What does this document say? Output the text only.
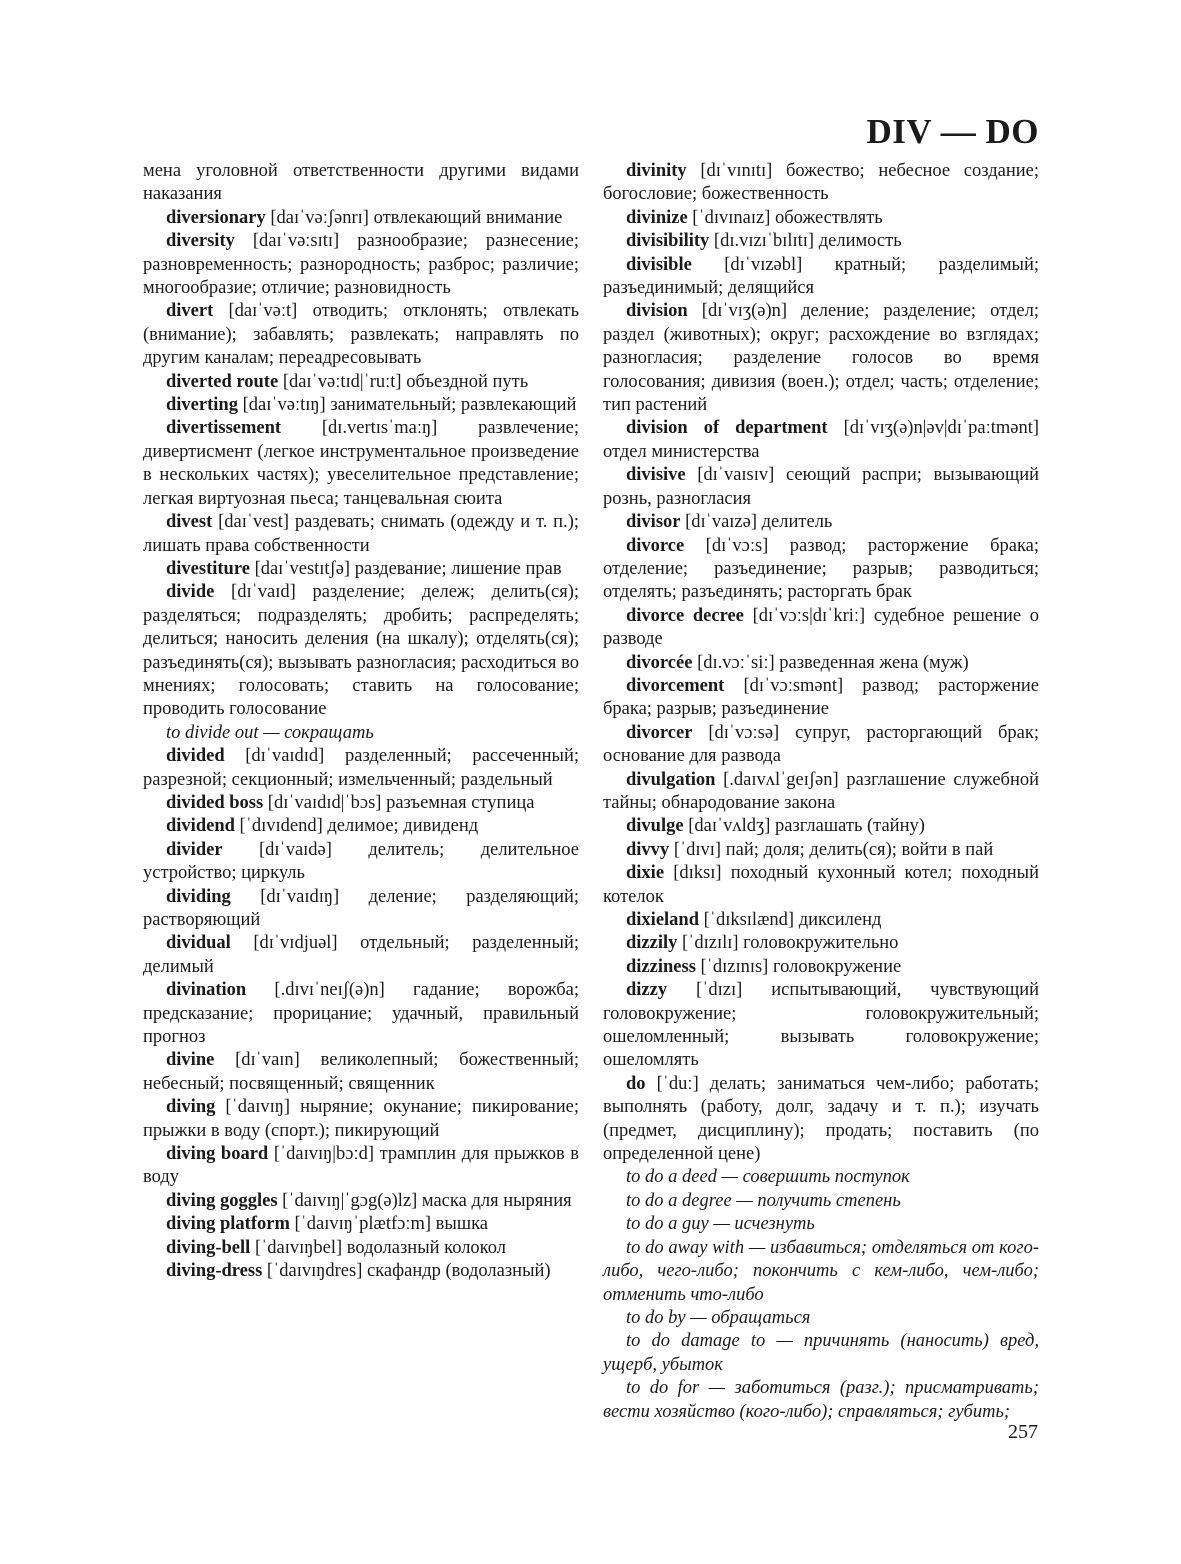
DIV — DO

мена уголовной ответственности другими видами наказания

diversionary [daɪˈvəːʃənrɪ] отвлекающий внимание

diversity [daɪˈvəːsɪtɪ] разнообразие; разнесение; разновременность; разнородность; разброс; различие; многообразие; отличие; разновидность

divert [daɪˈvəːt] отводить; отклонять; отвлекать (внимание); забавлять; развлекать; направлять по другим каналам; переадресовывать

diverted route [daɪˈvəːtɪd|ˈruːt] объездной путь

diverting [daɪˈvəːtɪŋ] занимательный; развлекающий

divertissement [dɪ.vertɪsˈmaːŋ] развлечение; дивертисмент (легкое инструментальное произведение в нескольких частях); увеселительное представление; легкая виртуозная пьеса; танцевальная сюита

divest [daɪˈvest] раздевать; снимать (одежду и т. п.); лишать права собственности

divestiture [daɪˈvestɪtʃə] раздевание; лишение прав

divide [dɪˈvaɪd] разделение; дележ; делить(ся); разделяться; подразделять; дробить; распределять; делиться; наносить деления (на шкалу); отделять(ся); разъединять(ся); вызывать разногласия; расходиться во мнениях; голосовать; ставить на голосование; проводить голосование

to divide out — сокращать

divided [dɪˈvaɪdɪd] разделенный; рассеченный; разрезной; секционный; измельченный; раздельный

divided boss [dɪˈvaɪdɪd|ˈbɔs] разъемная ступица

dividend [ˈdɪvɪdend] делимое; дивиденд

divider [dɪˈvaɪdə] делитель; делительное устройство; циркуль

dividing [dɪˈvaɪdɪŋ] деление; разделяющий; растворяющий

dividual [dɪˈvɪdjuəl] отдельный; разделенный; делимый

divination [.dɪvɪˈneɪʃ(ə)n] гадание; ворожба; предсказание; прорицание; удачный, правильный прогноз

divine [dɪˈvaɪn] великолепный; божественный; небесный; посвященный; священник

diving [ˈdaɪvɪŋ] ныряние; окунание; пикирование; прыжки в воду (спорт.); пикирующий

diving board [ˈdaɪvɪŋ|bɔːd] трамплин для прыжков в воду

diving goggles [ˈdaɪvɪŋ|ˈgɔg(ə)lz] маска для ныряния

diving platform [ˈdaɪvɪŋˈplætfɔːm] вышка

diving-bell [ˈdaɪvɪŋbel] водолазный колокол

diving-dress [ˈdaɪvɪŋdres] скафандр (водолазный)

divinity [dɪˈvɪnɪtɪ] божество; небесное создание; богословие; божественность

divinize [ˈdɪvɪnaɪz] обожествлять

divisibility [dɪ.vɪzɪˈbɪlɪtɪ] делимость

divisible [dɪˈvɪzəbl] кратный; разделимый; разъединимый; делящийся

division [dɪˈvɪʒ(ə)n] деление; разделение; отдел; раздел (животных); округ; расхождение во взглядах; разногласия; разделение голосов во время голосования; дивизия (воен.); отдел; часть; отделение; тип растений

division of department [dɪˈvɪʒ(ə)n|əv|dɪˈpaːtmənt] отдел министерства

divisive [dɪˈvaɪsɪv] сеющий распри; вызывающий рознь, разногласия

divisor [dɪˈvaɪzə] делитель

divorce [dɪˈvɔːs] развод; расторжение брака; отделение; разъединение; разрыв; разводиться; отделять; разъединять; расторгать брак

divorce decree [dɪˈvɔːs|dɪˈkriː] судебное решение о разводе

divorcée [dɪ.vɔːˈsiː] разведенная жена (муж)

divorcement [dɪˈvɔːsmənt] развод; расторжение брака; разрыв; разъединение

divorcer [dɪˈvɔːsə] супруг, расторгающий брак; основание для развода

divulgation [.daɪvʌlˈgeɪʃən] разглашение служебной тайны; обнародование закона

divulge [daɪˈvʌldʒ] разглашать (тайну)

divvy [ˈdɪvɪ] пай; доля; делить(ся); войти в пай

dixie [dɪksɪ] походный кухонный котел; походный котелок

dixieland [ˈdɪksɪlænd] диксиленд

dizzily [ˈdɪzɪlɪ] головокружительно

dizziness [ˈdɪzɪnɪs] головокружение

dizzy [ˈdɪzɪ] испытывающий, чувствующий головокружение; головокружительный; ошеломленный; вызывать головокружение; ошеломлять

do [ˈduː] делать; заниматься чем-либо; работать; выполнять (работу, долг, задачу и т. п.); изучать (предмет, дисциплину); продать; поставить (по определенной цене)

to do a deed — совершить поступок

to do a degree — получить степень

to do a guy — исчезнуть

to do away with — избавиться; отделяться от кого-либо, чего-либо; покончить с кем-либо, чем-либо; отменить что-либо

to do by — обращаться

to do damage to — причинять (наносить) вред, ущерб, убыток

to do for — заботиться (разг.); присматривать; вести хозяйство (кого-либо); справляться; губить;

257
